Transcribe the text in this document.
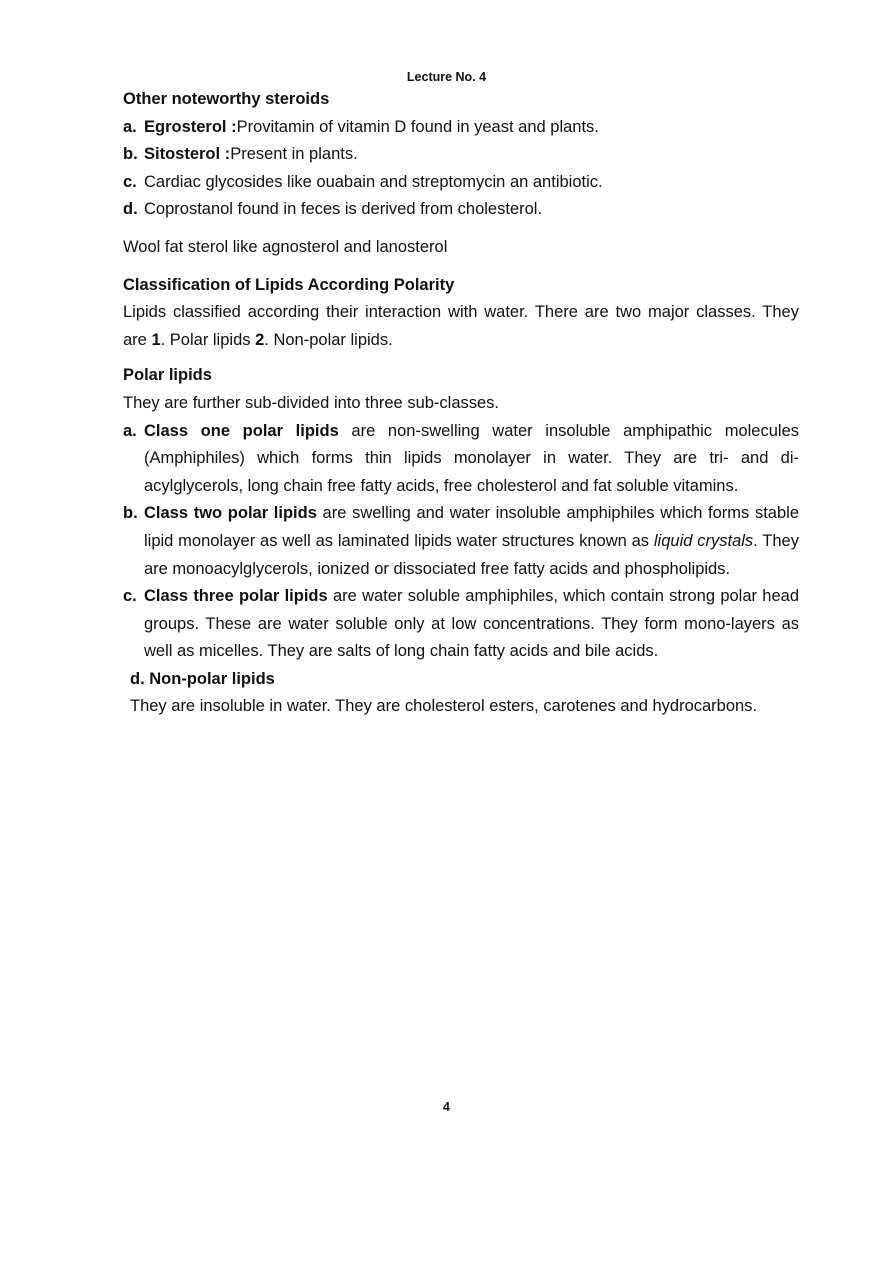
Lecture No. 4

Other noteworthy steroids

a. Egrosterol :Provitamin of vitamin D found in yeast and plants.
b. Sitosterol :Present in plants.
c. Cardiac glycosides like ouabain and streptomycin an antibiotic.
d. Coprostanol found in feces is derived from cholesterol.

Wool fat sterol like agnosterol and lanosterol

Classification of Lipids According Polarity

Lipids classified according their interaction with water. There are two major classes. They are 1. Polar lipids 2. Non-polar lipids.

Polar lipids

They are further sub-divided into three sub-classes.

a. Class one polar lipids are non-swelling water insoluble amphipathic molecules (Amphiphiles) which forms thin lipids monolayer in water. They are tri- and di- acylglycerols, long chain free fatty acids, free cholesterol and fat soluble vitamins.
b. Class two polar lipids are swelling and water insoluble amphiphiles which forms stable lipid monolayer as well as laminated lipids water structures known as liquid crystals. They are monoacylglycerols, ionized or dissociated free fatty acids and phospholipids.
c. Class three polar lipids are water soluble amphiphiles, which contain strong polar head groups. These are water soluble only at low concentrations. They form mono-layers as well as micelles. They are salts of long chain fatty acids and bile acids.

d. Non-polar lipids

They are insoluble in water. They are cholesterol esters, carotenes and hydrocarbons.

4
